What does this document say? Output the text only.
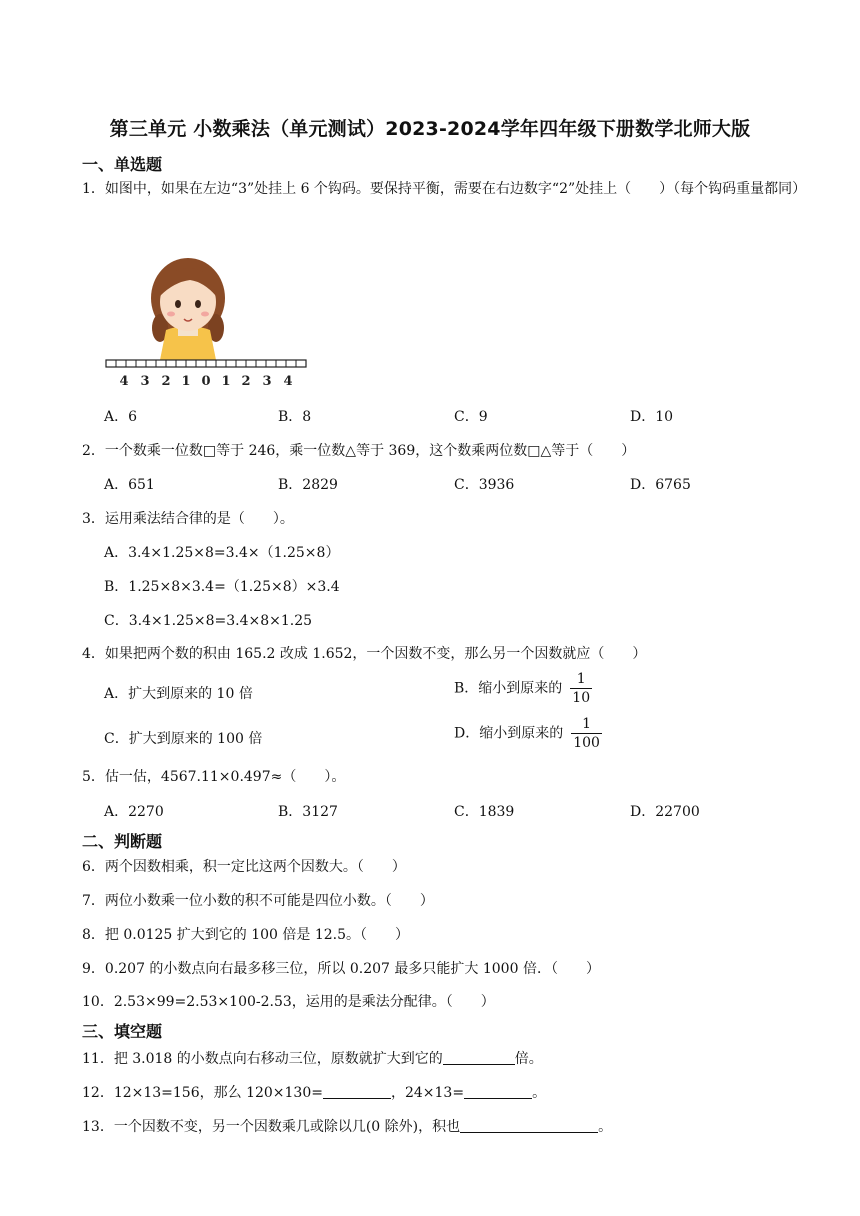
第三单元 小数乘法（单元测试）2023-2024学年四年级下册数学北师大版
一、单选题
1．如图中，如果在左边“3”处挂上 6 个钩码。要保持平衡，需要在右边数字“2”处挂上（　　）（每个钩码重量都同）
4 3 2 1 0 1 2 3 4
A．6	B．8	C．9	D．10
2．一个数乘一位数□等于 246，乘一位数△等于 369，这个数乘两位数□△等于（　　）
A．651	B．2829	C．3936	D．6765
3．运用乘法结合律的是（　　）。
A．3.4×1.25×8=3.4×（1.25×8）
B．1.25×8×3.4=（1.25×8）×3.4
C．3.4×1.25×8=3.4×8×1.25
4．如果把两个数的积由 165.2 改成 1.652，一个因数不变，那么另一个因数就应（　　）
A．扩大到原来的 10 倍	B．缩小到原来的 $\frac{1}{10}$
C．扩大到原来的 100 倍	D．缩小到原来的 $\frac{1}{100}$
5．估一估，4567.11×0.497≈（　　）。
A．2270	B．3127	C．1839	D．22700
二、判断题
6．两个因数相乘，积一定比这两个因数大。（　　）
7．两位小数乘一位小数的积不可能是四位小数。（　　）
8．把 0.0125 扩大到它的 100 倍是 12.5。（　　）
9．0.207 的小数点向右最多移三位，所以 0.207 最多只能扩大 1000 倍．（　　）
10．2.53×99=2.53×100-2.53，运用的是乘法分配律。（　　）
三、填空题
11．把 3.018 的小数点向右移动三位，原数就扩大到它的	倍。
12．12×13=156，那么 120×130=	，24×13=	。
13．一个因数不变，另一个因数乘几或除以几(0 除外)，积也	。
